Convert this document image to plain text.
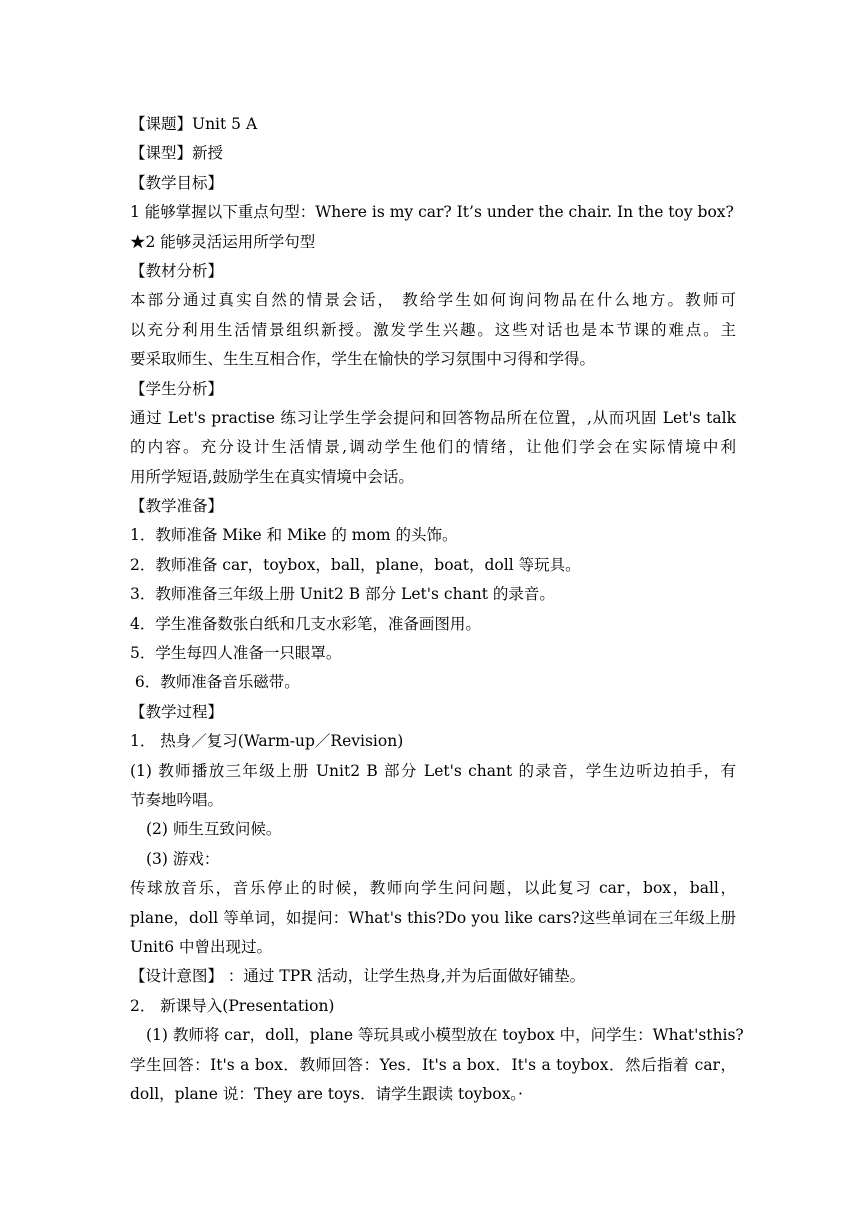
【课题】Unit 5 A
【课型】新授
【教学目标】
1 能够掌握以下重点句型：Where is my car? It’s under the chair. In the toy box?
★2 能够灵活运用所学句型
【教材分析】
本部分通过真实自然的情景会话， 教给学生如何询问物品在什么地方。教师可
以充分利用生活情景组织新授。激发学生兴趣。这些对话也是本节课的难点。主
要采取师生、生生互相合作，学生在愉快的学习氛围中习得和学得。
【学生分析】
通过 Let's practise 练习让学生学会提问和回答物品所在位置，,从而巩固 Let's talk
的内容。充分设计生活情景,调动学生他们的情绪，让他们学会在实际情境中利
用所学短语,鼓励学生在真实情境中会话。
【教学准备】
1．教师准备 Mike 和 Mike 的 mom 的头饰。
2．教师准备 car，toybox，ball，plane，boat，doll 等玩具。
3．教师准备三年级上册 Unit2 B 部分 Let's chant 的录音。
4．学生准备数张白纸和几支水彩笔，准备画图用。
5．学生每四人准备一只眼罩。
6．教师准备音乐磁带。
【教学过程】
1． 热身／复习(Warm-up／Revision)
(1) 教师播放三年级上册 Unit2 B 部分 Let's chant 的录音，学生边听边拍手，有
节奏地吟唱。
(2) 师生互致问候。
(3) 游戏：
传球放音乐，音乐停止的时候，教师向学生问问题，以此复习 car，box，ball，
plane，doll 等单词，如提问：What's this?Do you like cars?这些单词在三年级上册
Unit6 中曾出现过。
【设计意图】 ：通过 TPR 活动，让学生热身,并为后面做好铺垫。
2． 新课导入(Presentation)
(1) 教师将 car，doll，plane 等玩具或小模型放在 toybox 中，问学生：What'sthis?
学生回答：It's a box．教师回答：Yes．It's a box．It's a toybox．然后指着 car，
doll，plane 说：They are toys．请学生跟读 toybox。·
